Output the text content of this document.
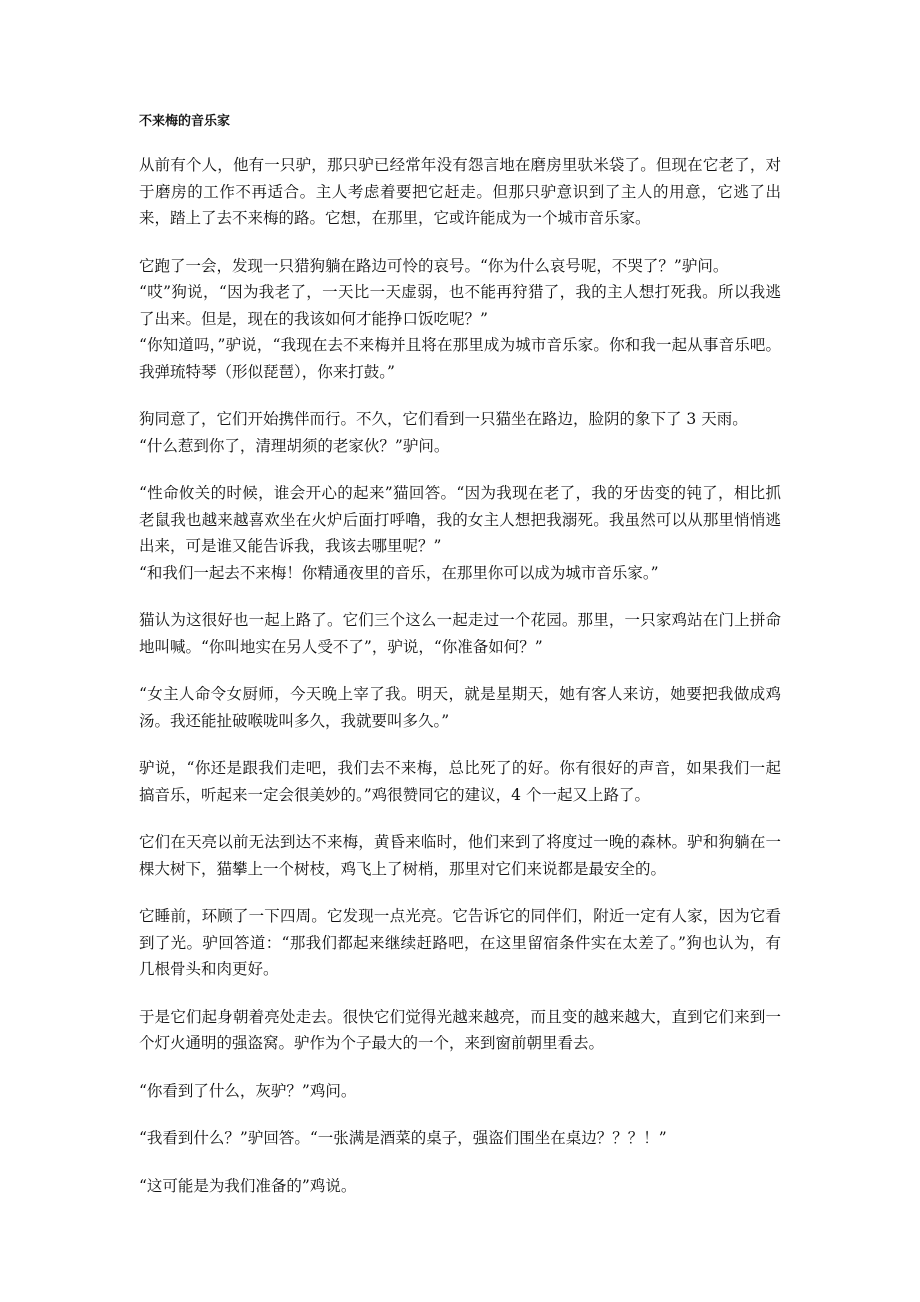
不来梅的音乐家
从前有个人，他有一只驴，那只驴已经常年没有怨言地在磨房里驮米袋了。但现在它老了，对于磨房的工作不再适合。主人考虑着要把它赶走。但那只驴意识到了主人的用意，它逃了出来，踏上了去不来梅的路。它想，在那里，它或许能成为一个城市音乐家。
它跑了一会，发现一只猎狗躺在路边可怜的哀号。“你为什么哀号呢，不哭了？”驴问。
“哎”狗说，“因为我老了，一天比一天虚弱，也不能再狩猎了，我的主人想打死我。所以我逃了出来。但是，现在的我该如何才能挣口饭吃呢？”
“你知道吗，”驴说，“我现在去不来梅并且将在那里成为城市音乐家。你和我一起从事音乐吧。我弹琉特琴（形似琵琶），你来打鼓。”
狗同意了，它们开始携伴而行。不久，它们看到一只猫坐在路边，脸阴的象下了 3 天雨。
“什么惹到你了，清理胡须的老家伙？”驴问。
“性命攸关的时候，谁会开心的起来”猫回答。“因为我现在老了，我的牙齿变的钝了，相比抓老鼠我也越来越喜欢坐在火炉后面打呼噜，我的女主人想把我溺死。我虽然可以从那里悄悄逃出来，可是谁又能告诉我，我该去哪里呢？”
“和我们一起去不来梅！你精通夜里的音乐，在那里你可以成为城市音乐家。”
猫认为这很好也一起上路了。它们三个这么一起走过一个花园。那里，一只家鸡站在门上拼命地叫喊。“你叫地实在另人受不了”，驴说，“你准备如何？”
“女主人命令女厨师，今天晚上宰了我。明天，就是星期天，她有客人来访，她要把我做成鸡汤。我还能扯破喉咙叫多久，我就要叫多久。”
驴说，“你还是跟我们走吧，我们去不来梅，总比死了的好。你有很好的声音，如果我们一起搞音乐，听起来一定会很美妙的。”鸡很赞同它的建议，4 个一起又上路了。
它们在天亮以前无法到达不来梅，黄昏来临时，他们来到了将度过一晚的森林。驴和狗躺在一棵大树下，猫攀上一个树枝，鸡飞上了树梢，那里对它们来说都是最安全的。
它睡前，环顾了一下四周。它发现一点光亮。它告诉它的同伴们，附近一定有人家，因为它看到了光。驴回答道：“那我们都起来继续赶路吧，在这里留宿条件实在太差了。”狗也认为，有几根骨头和肉更好。
于是它们起身朝着亮处走去。很快它们觉得光越来越亮，而且变的越来越大，直到它们来到一个灯火通明的强盗窝。驴作为个子最大的一个，来到窗前朝里看去。
“你看到了什么，灰驴？”鸡问。
“我看到什么？”驴回答。“一张满是酒菜的桌子，强盗们围坐在桌边？？？！”
“这可能是为我们准备的”鸡说。
